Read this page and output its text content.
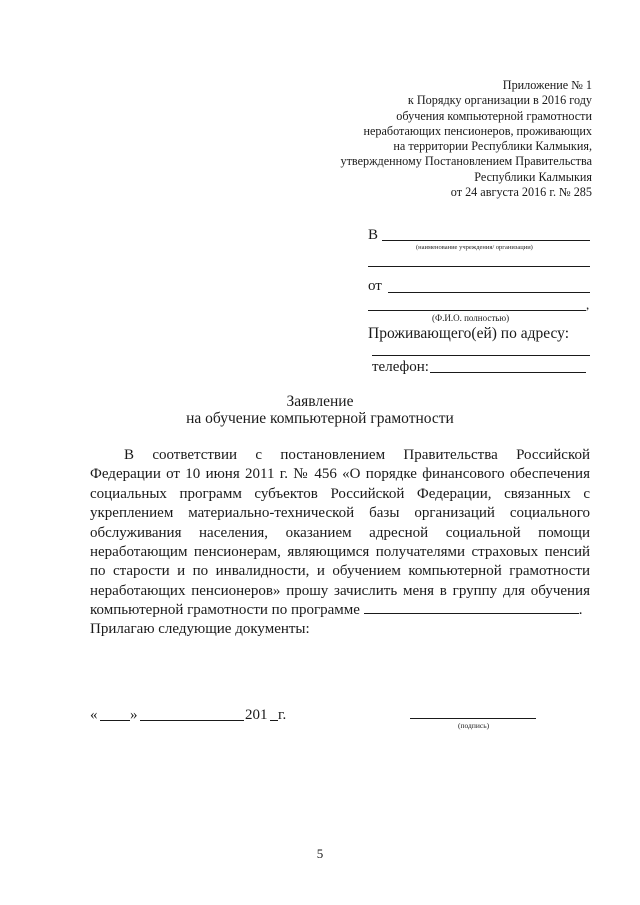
Приложение № 1
к Порядку организации в 2016 году
обучения компьютерной грамотности
неработающих пенсионеров, проживающих
на территории Республики Калмыкия,
утвержденному Постановлением Правительства
Республики Калмыкия
от 24 августа 2016 г. № 285
В
(наименование учреждения/ организации)
от
,
(Ф.И.О. полностью)
Проживающего(ей) по адресу:
телефон:
Заявление
на обучение компьютерной грамотности
В соответствии с постановлением Правительства Российской
Федерации от 10 июня 2011 г. № 456 «О порядке финансового обеспечения
социальных программ субъектов Российской Федерации, связанных с
укреплением материально-технической базы организаций социального
обслуживания населения, оказанием адресной социальной помощи
неработающим пенсионерам, являющимся получателями страховых пенсий
по старости и по инвалидности, и обучением компьютерной грамотности
неработающих пенсионеров» прошу зачислить меня в группу для обучения
компьютерной грамотности по программе	.
Прилагаю следующие документы:
« »	201 г.
(подпись)
5
